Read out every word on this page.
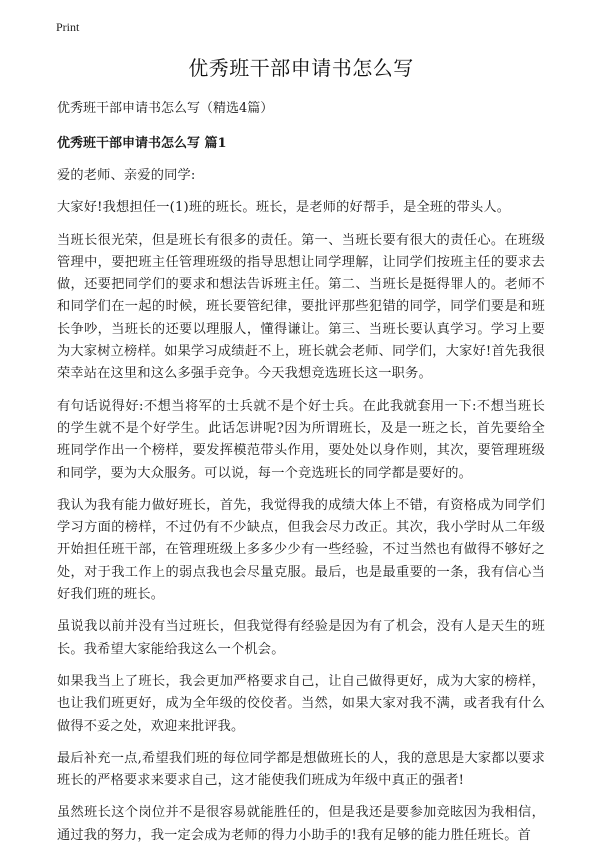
Print
优秀班干部申请书怎么写

优秀班干部申请书怎么写（精选4篇）

优秀班干部申请书怎么写 篇1

爱的老师、亲爱的同学:

大家好!我想担任一(1)班的班长。班长，是老师的好帮手，是全班的带头人。

当班长很光荣，但是班长有很多的责任。第一、当班长要有很大的责任心。在班级管理中，要把班主任管理班级的指导思想让同学理解，让同学们按班主任的要求去做，还要把同学们的要求和想法告诉班主任。第二、当班长是挺得罪人的。老师不和同学们在一起的时候，班长要管纪律，要批评那些犯错的同学，同学们要是和班长争吵，当班长的还要以理服人，懂得谦让。第三、当班长要认真学习。学习上要为大家树立榜样。如果学习成绩赶不上，班长就会老师、同学们，大家好!首先我很荣幸站在这里和这么多强手竞争。今天我想竞选班长这一职务。

有句话说得好:不想当将军的士兵就不是个好士兵。在此我就套用一下:不想当班长的学生就不是个好学生。此话怎讲呢?因为所谓班长，及是一班之长，首先要给全班同学作出一个榜样，要发挥模范带头作用，要处处以身作则，其次，要管理班级和同学，要为大众服务。可以说，每一个竞选班长的同学都是要好的。

我认为我有能力做好班长，首先，我觉得我的成绩大体上不错，有资格成为同学们学习方面的榜样，不过仍有不少缺点，但我会尽力改正。其次，我小学时从二年级开始担任班干部，在管理班级上多多少少有一些经验，不过当然也有做得不够好之处，对于我工作上的弱点我也会尽量克服。最后，也是最重要的一条，我有信心当好我们班的班长。

虽说我以前并没有当过班长，但我觉得有经验是因为有了机会，没有人是天生的班长。我希望大家能给我这么一个机会。

如果我当上了班长，我会更加严格要求自己，让自己做得更好，成为大家的榜样，也让我们班更好，成为全年级的佼佼者。当然，如果大家对我不满，或者我有什么做得不妥之处，欢迎来批评我。

最后补充一点,希望我们班的每位同学都是想做班长的人，我的意思是大家都以要求班长的严格要求来要求自己，这才能使我们班成为年级中真正的强者!

虽然班长这个岗位并不是很容易就能胜任的，但是我还是要参加竞眩因为我相信，通过我的努力，我一定会成为老师的得力小助手的!我有足够的能力胜任班长。首
